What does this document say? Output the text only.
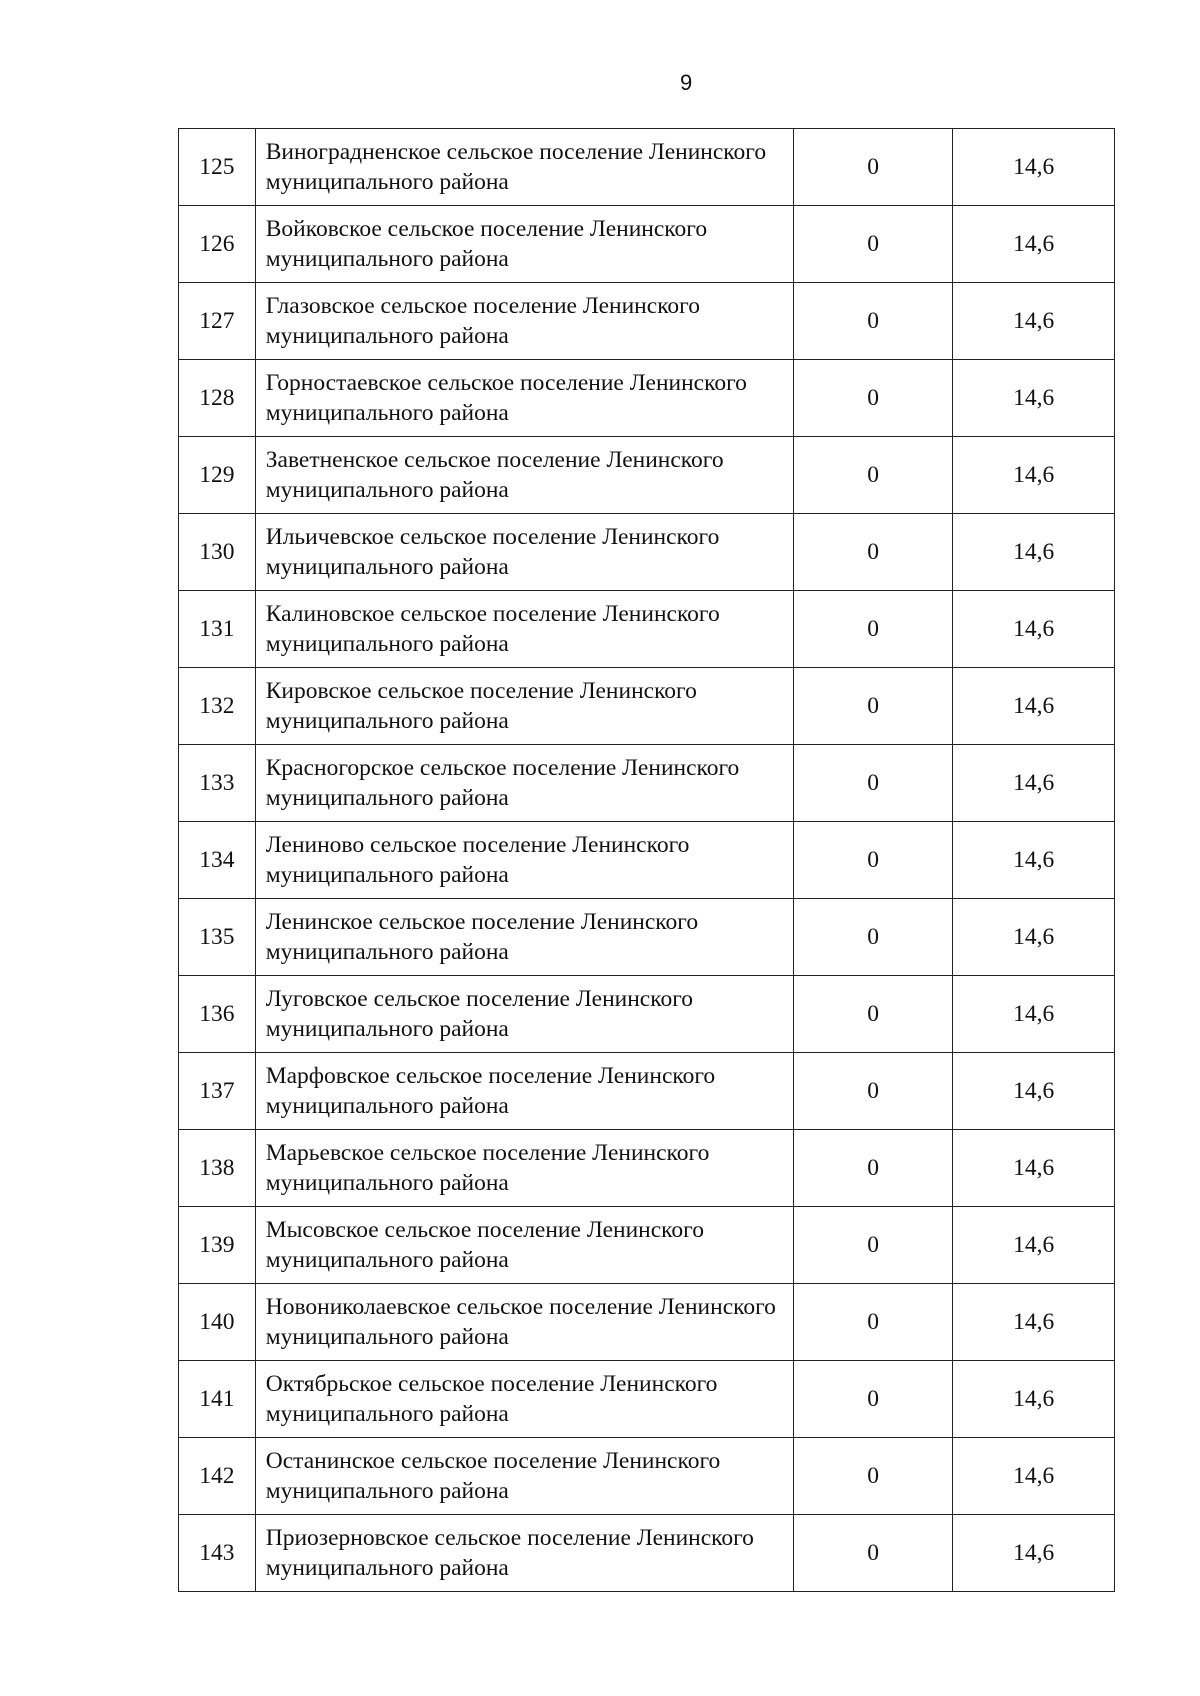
9
125	Виноградненское сельское поселение Ленинского муниципального района	0	14,6
126	Войковское сельское поселение Ленинского муниципального района	0	14,6
127	Глазовское сельское поселение Ленинского муниципального района	0	14,6
128	Горностаевское сельское поселение Ленинского муниципального района	0	14,6
129	Заветненское сельское поселение Ленинского муниципального района	0	14,6
130	Ильичевское сельское поселение Ленинского муниципального района	0	14,6
131	Калиновское сельское поселение Ленинского муниципального района	0	14,6
132	Кировское сельское поселение Ленинского муниципального района	0	14,6
133	Красногорское сельское поселение Ленинского муниципального района	0	14,6
134	Лениново сельское поселение Ленинского муниципального района	0	14,6
135	Ленинское сельское поселение Ленинского муниципального района	0	14,6
136	Луговское сельское поселение Ленинского муниципального района	0	14,6
137	Марфовское сельское поселение Ленинского муниципального района	0	14,6
138	Марьевское сельское поселение Ленинского муниципального района	0	14,6
139	Мысовское сельское поселение Ленинского муниципального района	0	14,6
140	Новониколаевское сельское поселение Ленинского муниципального района	0	14,6
141	Октябрьское сельское поселение Ленинского муниципального района	0	14,6
142	Останинское сельское поселение Ленинского муниципального района	0	14,6
143	Приозерновское сельское поселение Ленинского муниципального района	0	14,6
